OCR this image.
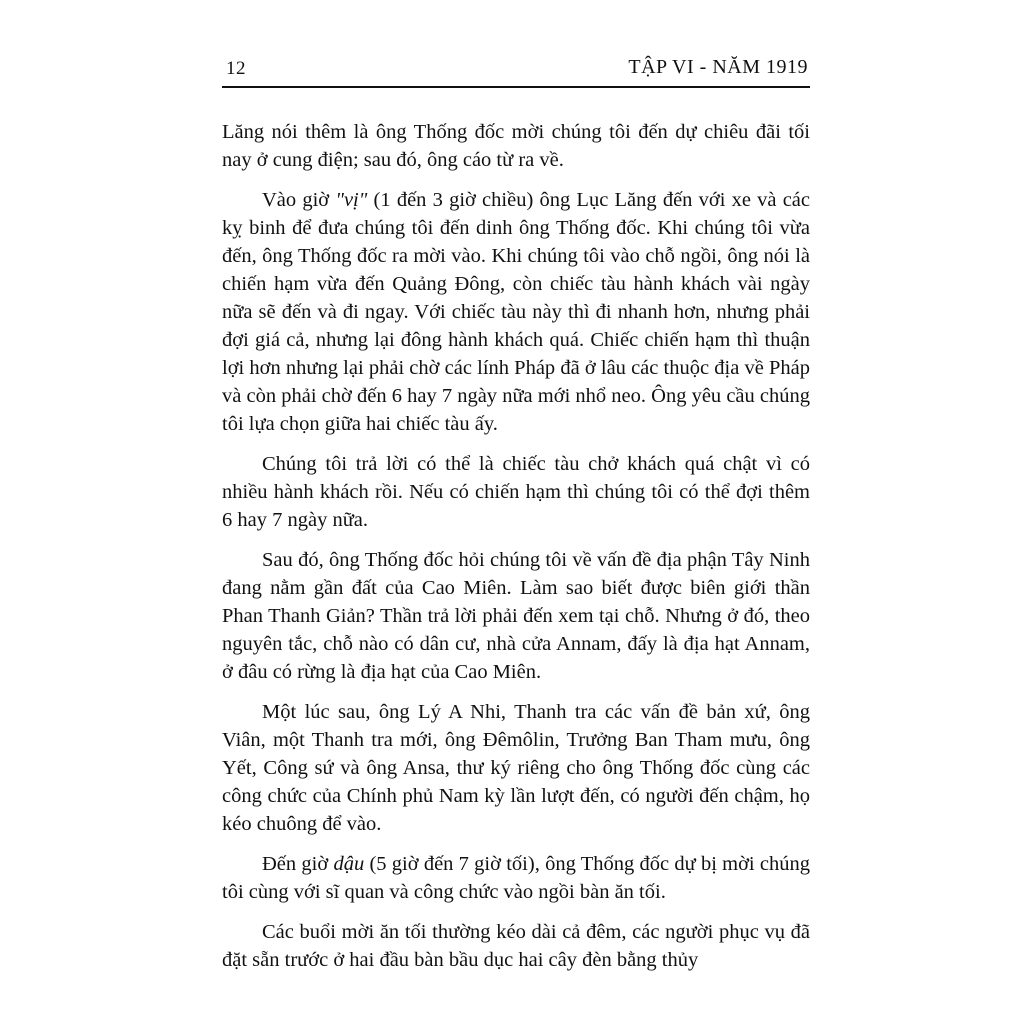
12	TẬP VI - NĂM 1919

Lăng nói thêm là ông Thống đốc mời chúng tôi đến dự chiêu đãi tối nay ở cung điện; sau đó, ông cáo từ ra về.

Vào giờ "vị" (1 đến 3 giờ chiều) ông Lục Lăng đến với xe và các kỵ binh để đưa chúng tôi đến dinh ông Thống đốc. Khi chúng tôi vừa đến, ông Thống đốc ra mời vào. Khi chúng tôi vào chỗ ngồi, ông nói là chiến hạm vừa đến Quảng Đông, còn chiếc tàu hành khách vài ngày nữa sẽ đến và đi ngay. Với chiếc tàu này thì đi nhanh hơn, nhưng phải đợi giá cả, nhưng lại đông hành khách quá. Chiếc chiến hạm thì thuận lợi hơn nhưng lại phải chờ các lính Pháp đã ở lâu các thuộc địa về Pháp và còn phải chờ đến 6 hay 7 ngày nữa mới nhổ neo. Ông yêu cầu chúng tôi lựa chọn giữa hai chiếc tàu ấy.

Chúng tôi trả lời có thể là chiếc tàu chở khách quá chật vì có nhiều hành khách rồi. Nếu có chiến hạm thì chúng tôi có thể đợi thêm 6 hay 7 ngày nữa.

Sau đó, ông Thống đốc hỏi chúng tôi về vấn đề địa phận Tây Ninh đang nằm gần đất của Cao Miên. Làm sao biết được biên giới thần Phan Thanh Giản? Thần trả lời phải đến xem tại chỗ. Nhưng ở đó, theo nguyên tắc, chỗ nào có dân cư, nhà cửa Annam, đấy là địa hạt Annam, ở đâu có rừng là địa hạt của Cao Miên.

Một lúc sau, ông Lý A Nhi, Thanh tra các vấn đề bản xứ, ông Viân, một Thanh tra mới, ông Đêmôlin, Trưởng Ban Tham mưu, ông Yết, Công sứ và ông Ansa, thư ký riêng cho ông Thống đốc cùng các công chức của Chính phủ Nam kỳ lần lượt đến, có người đến chậm, họ kéo chuông để vào.

Đến giờ dậu (5 giờ đến 7 giờ tối), ông Thống đốc dự bị mời chúng tôi cùng với sĩ quan và công chức vào ngồi bàn ăn tối.

Các buổi mời ăn tối thường kéo dài cả đêm, các người phục vụ đã đặt sẵn trước ở hai đầu bàn bầu dục hai cây đèn bằng thủy
